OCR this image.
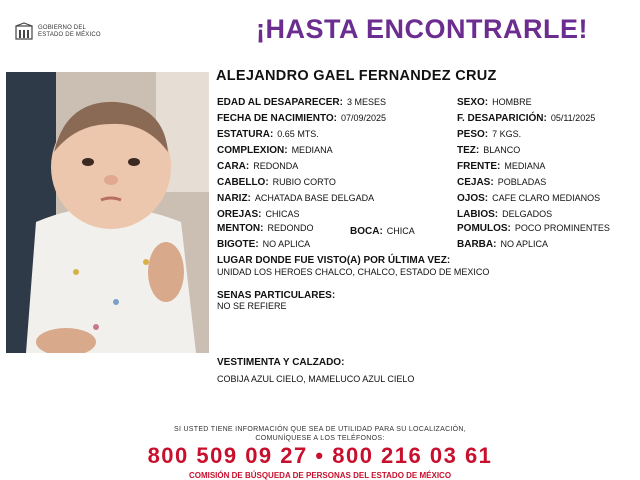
GOBIERNO DEL
ESTADO DE MÉXICO	¡HASTA ENCONTRARLE!
ALEJANDRO GAEL FERNANDEZ CRUZ
EDAD AL DESAPARECER: 3 MESES
FECHA DE NACIMIENTO: 07/09/2025
ESTATURA: 0.65 MTS.
COMPLEXION: MEDIANA
CARA: REDONDA
CABELLO: RUBIO CORTO
NARIZ: ACHATADA BASE DELGADA
OREJAS: CHICAS
MENTON: REDONDO	BOCA: CHICA
BIGOTE: NO APLICA
SEXO: HOMBRE
F. DESAPARICIÓN: 05/11/2025
PESO: 7 KGS.
TEZ: BLANCO
FRENTE: MEDIANA
CEJAS: POBLADAS
OJOS: CAFE CLARO MEDIANOS
LABIOS: DELGADOS
POMULOS: POCO PROMINENTES
BARBA: NO APLICA
LUGAR DONDE FUE VISTO(A) POR ÚLTIMA VEZ:
UNIDAD LOS HEROES CHALCO, CHALCO, ESTADO DE MEXICO
SENAS PARTICULARES:
NO SE REFIERE
VESTIMENTA Y CALZADO:
COBIJA AZUL CIELO, MAMELUCO AZUL CIELO
SI USTED TIENE INFORMACIÓN QUE SEA DE UTILIDAD PARA SU LOCALIZACIÓN,
COMUNÍQUESE A LOS TELÉFONOS:
800 509 09 27 • 800 216 03 61
COMISIÓN DE BÚSQUEDA DE PERSONAS DEL ESTADO DE MÉXICO
